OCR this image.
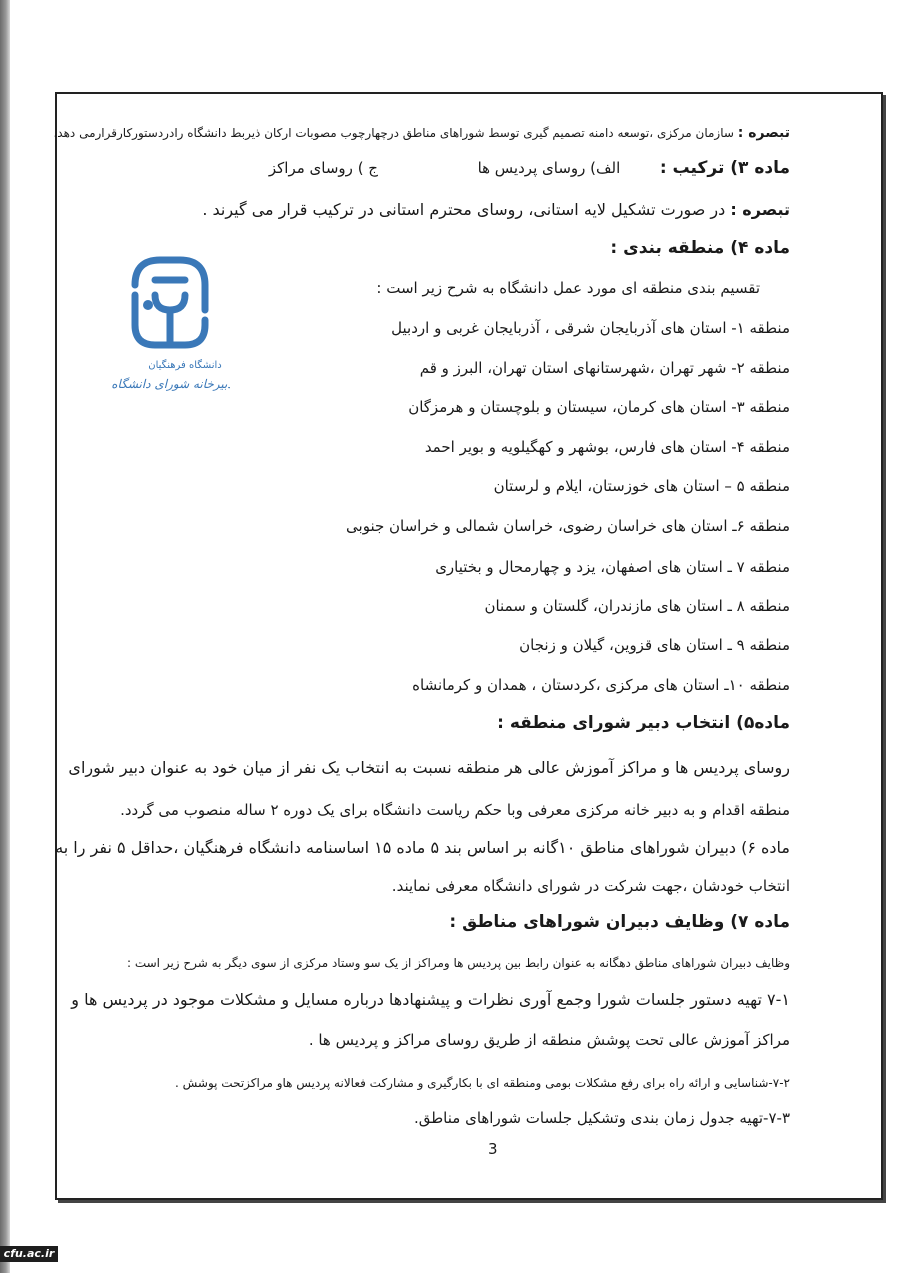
تبصره : سازمان مرکزی ،توسعه دامنه تصمیم گیری توسط شوراهای مناطق درچهارچوب مصوبات ارکان ذیربط دانشگاه رادردستورکارقرارمی دهد.
ماده ۳) ترکیب :  الف) روسای پردیس ها  ج ) روسای مراکز
تبصره : در صورت تشکیل لایه استانی، روسای محترم استانی در ترکیب قرار می گیرند .
ماده ۴) منطقه بندی :
تقسیم بندی منطقه ای مورد عمل دانشگاه به شرح زیر است :
منطقه ۱- استان های آذربایجان شرقی ، آذربایجان غربی و اردبیل
منطقه ۲- شهر تهران ،شهرستانهای استان تهران، البرز و قم
منطقه ۳- استان های کرمان، سیستان و بلوچستان و هرمزگان
منطقه ۴- استان های فارس، بوشهر و کهگیلویه و بویر احمد
منطقه ۵ – استان های خوزستان، ایلام و لرستان
منطقه ۶ـ استان های خراسان رضوی، خراسان شمالی و خراسان جنوبی
منطقه ۷ ـ استان های اصفهان، یزد و چهارمحال و بختیاری
منطقه ۸ ـ استان های مازندران، گلستان و سمنان
منطقه ۹ ـ استان های قزوین، گیلان و زنجان
منطقه ۱۰ـ استان های مرکزی ،کردستان ، همدان و کرمانشاه
ماده۵) انتخاب دبیر شورای منطقه :
روسای پردیس ها و مراکز آموزش عالی هر منطقه نسبت به انتخاب یک نفر از میان خود به عنوان دبیر شورای
منطقه اقدام و به دبیر خانه مرکزی معرفی وبا حکم ریاست دانشگاه برای یک دوره ۲ ساله منصوب می گردد.
ماده ۶) دبیران شوراهای مناطق ۱۰گانه بر اساس بند ۵ ماده ۱۵ اساسنامه دانشگاه فرهنگیان ،حداقل ۵ نفر را به
انتخاب خودشان ،جهت شرکت در شورای دانشگاه معرفی نمایند.
ماده ۷) وظایف دبیران شوراهای مناطق :
وظایف دبیران شوراهای مناطق دهگانه به عنوان رابط بین پردیس ها ومراکز از یک سو وستاد مرکزی از سوی دیگر به شرح زیر است :
۷-۱ تهیه دستور جلسات شورا وجمع آوری نظرات و پیشنهادها درباره مسایل و مشکلات موجود در پردیس ها و
مراکز آموزش عالی تحت پوشش منطقه از طریق روسای مراکز و پردیس ها .
۷-۲-شناسایی و ارائه راه برای رفع مشکلات بومی ومنطقه ای با بکارگیری و مشارکت فعالانه پردیس هاو مراکزتحت پوشش .
۷-۳-تهیه جدول زمان بندی وتشکیل جلسات شوراهای مناطق.
3
دانشگاه فرهنگیان
دبیرخانه شورای دانشگاه
cfu.ac.ir
